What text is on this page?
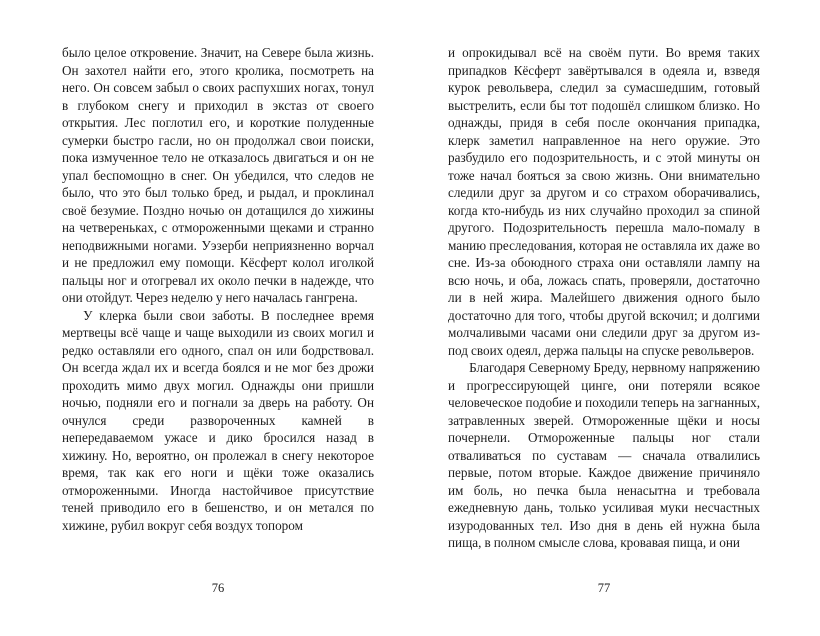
было целое откровение. Значит, на Севере была жизнь. Он захотел найти его, этого кролика, посмотреть на него. Он совсем забыл о своих распухших ногах, тонул в глубоком снегу и приходил в экстаз от своего открытия. Лес поглотил его, и короткие полуденные сумерки быстро гасли, но он продолжал свои поиски, пока измученное тело не отказалось двигаться и он не упал беспомощно в снег. Он убедился, что следов не было, что это был только бред, и рыдал, и проклинал своё безумие. Поздно ночью он дотащился до хижины на четвереньках, с отмороженными щеками и странно неподвижными ногами. Уэзерби неприязненно ворчал и не предложил ему помощи. Кёсферт колол иголкой пальцы ног и отогревал их около печки в надежде, что они отойдут. Через неделю у него началась гангрена.

У клерка были свои заботы. В последнее время мертвецы всё чаще и чаще выходили из своих могил и редко оставляли его одного, спал он или бодрствовал. Он всегда ждал их и всегда боялся и не мог без дрожи проходить мимо двух могил. Однажды они пришли ночью, подняли его и погнали за дверь на работу. Он очнулся среди развороченных камней в непередаваемом ужасе и дико бросился назад в хижину. Но, вероятно, он пролежал в снегу некоторое время, так как его ноги и щёки тоже оказались отмороженными. Иногда настойчивое присутствие теней приводило его в бешенство, и он метался по хижине, рубил вокруг себя воздух топором

76

и опрокидывал всё на своём пути. Во время таких припадков Кёсферт завёртывался в одеяла и, взведя курок револьвера, следил за сумасшедшим, готовый выстрелить, если бы тот подошёл слишком близко. Но однажды, придя в себя после окончания припадка, клерк заметил направленное на него оружие. Это разбудило его подозрительность, и с этой минуты он тоже начал бояться за свою жизнь. Они внимательно следили друг за другом и со страхом оборачивались, когда кто-нибудь из них случайно проходил за спиной другого. Подозрительность перешла мало-помалу в манию преследования, которая не оставляла их даже во сне. Из-за обоюдного страха они оставляли лампу на всю ночь, и оба, ложась спать, проверяли, достаточно ли в ней жира. Малейшего движения одного было достаточно для того, чтобы другой вскочил; и долгими молчаливыми часами они следили друг за другом из-под своих одеял, держа пальцы на спуске револьверов.

Благодаря Северному Бреду, нервному напряжению и прогрессирующей цинге, они потеряли всякое человеческое подобие и походили теперь на загнанных, затравленных зверей. Отмороженные щёки и носы почернели. Отмороженные пальцы ног стали отваливаться по суставам — сначала отвалились первые, потом вторые. Каждое движение причиняло им боль, но печка была ненасытна и требовала ежедневную дань, только усиливая муки несчастных изуродованных тел. Изо дня в день ей нужна была пища, в полном смысле слова, кровавая пища, и они

77
